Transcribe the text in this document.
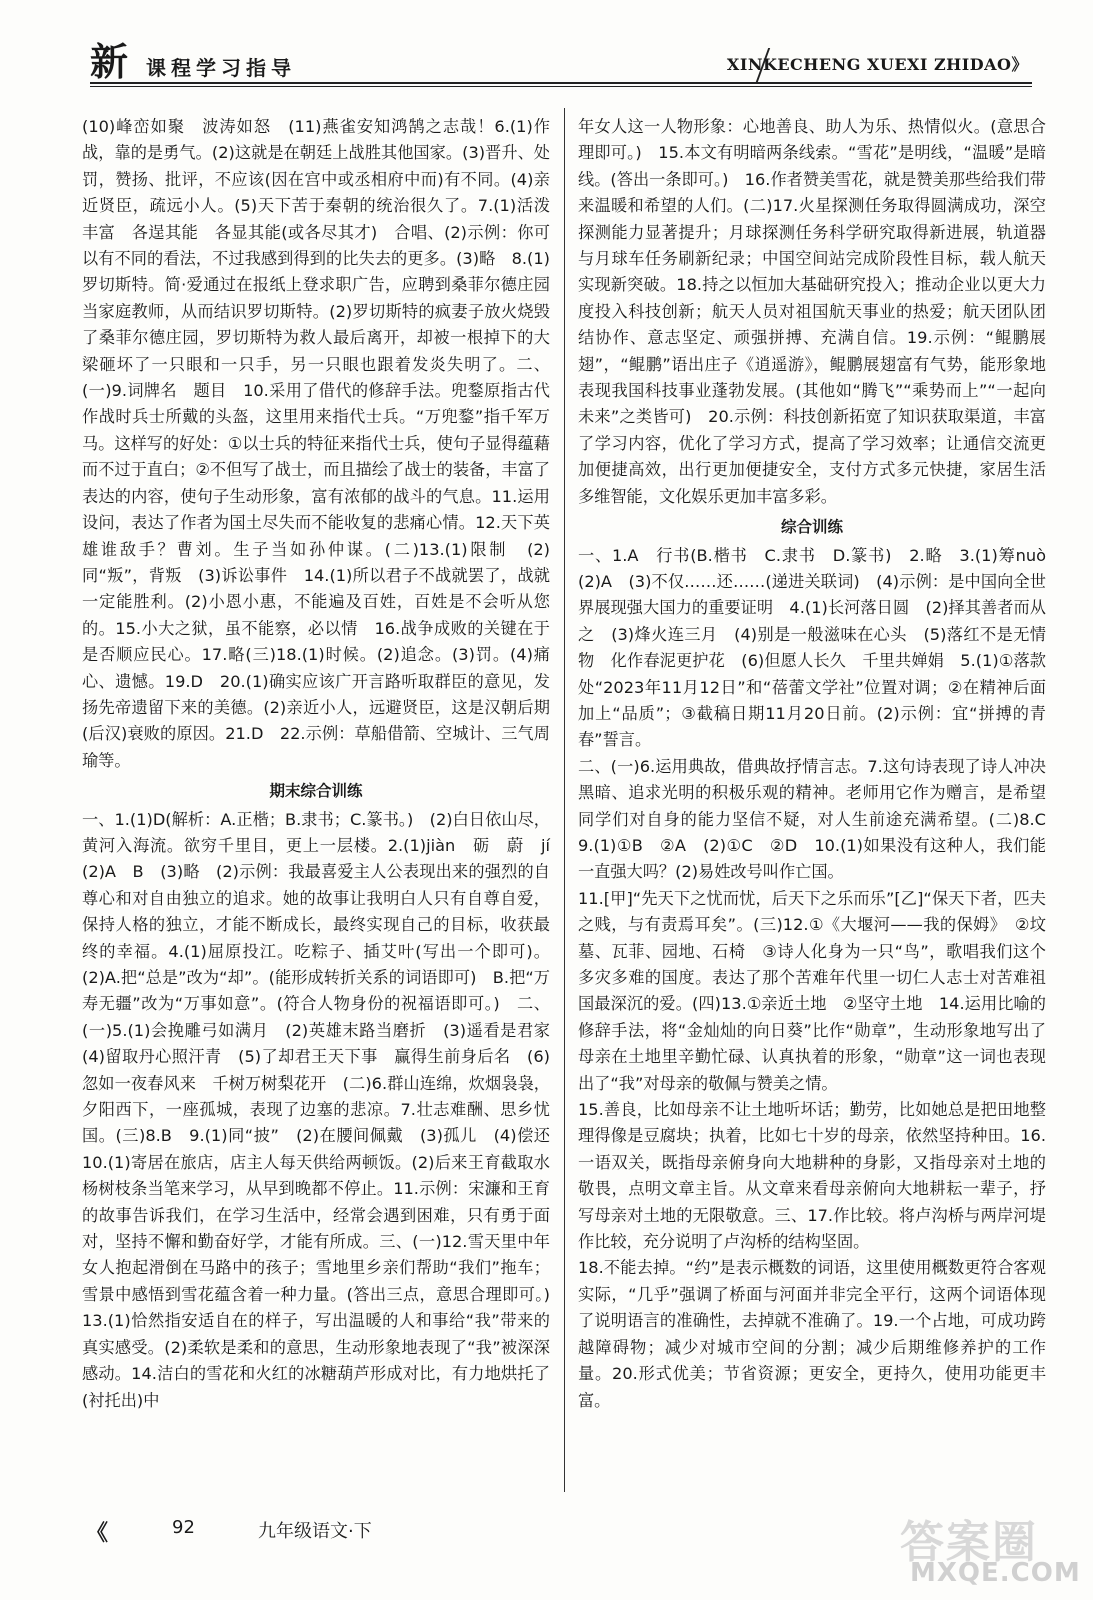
新 课程学习指导	XINKECHENG XUEXI ZHIDAO》

(10)峰峦如聚　波涛如怒　(11)燕雀安知鸿鹄之志哉！6.(1)作战，靠的是勇气。(2)这就是在朝廷上战胜其他国家。(3)晋升、处罚，赞扬、批评，不应该(因在宫中或丞相府中而)有不同。(4)亲近贤臣，疏远小人。(5)天下苦于秦朝的统治很久了。7.(1)活泼　丰富　各逞其能　各显其能(或各尽其才)　合唱、(2)示例：你可以有不同的看法，不过我感到得到的比失去的更多。(3)略　8.(1)罗切斯特。简·爱通过在报纸上登求职广告，应聘到桑菲尔德庄园当家庭教师，从而结识罗切斯特。(2)罗切斯特的疯妻子放火烧毁了桑菲尔德庄园，罗切斯特为救人最后离开，却被一根掉下的大梁砸坏了一只眼和一只手，另一只眼也跟着发炎失明了。二、(一)9.词牌名　题目　10.采用了借代的修辞手法。兜鍪原指古代作战时兵士所戴的头盔，这里用来指代士兵。“万兜鍪”指千军万马。这样写的好处：①以士兵的特征来指代士兵，使句子显得蕴藉而不过于直白；②不但写了战士，而且描绘了战士的装备，丰富了表达的内容，使句子生动形象，富有浓郁的战斗的气息。11.运用设问，表达了作者为国土尽失而不能收复的悲痛心情。12.天下英雄谁敌手？曹刘。生子当如孙仲谋。(二)13.(1)限制　(2)同“叛”，背叛　(3)诉讼事件　14.(1)所以君子不战就罢了，战就一定能胜利。(2)小恩小惠，不能遍及百姓，百姓是不会听从您的。15.小大之狱，虽不能察，必以情　16.战争成败的关键在于是否顺应民心。17.略(三)18.(1)时候。(2)追念。(3)罚。(4)痛心、遗憾。19.D　20.(1)确实应该广开言路听取群臣的意见，发扬先帝遗留下来的美德。(2)亲近小人，远避贤臣，这是汉朝后期(后汉)衰败的原因。21.D　22.示例：草船借箭、空城计、三气周瑜等。

期末综合训练

一、1.(1)D(解析：A.正楷；B.隶书；C.篆书。)　(2)白日依山尽，黄河入海流。欲穷千里目，更上一层楼。2.(1)jiàn　砺　蔚　jí　(2)A　B　(3)略　(2)示例：我最喜爱主人公表现出来的强烈的自尊心和对自由独立的追求。她的故事让我明白人只有自尊自爱，保持人格的独立，才能不断成长，最终实现自己的目标，收获最终的幸福。4.(1)屈原投江。吃粽子、插艾叶(写出一个即可)。(2)A.把“总是”改为“却”。(能形成转折关系的词语即可)　B.把“万寿无疆”改为“万事如意”。(符合人物身份的祝福语即可。)　二、(一)5.(1)会挽雕弓如满月　(2)英雄末路当磨折　(3)遥看是君家　(4)留取丹心照汗青　(5)了却君王天下事　赢得生前身后名　(6)忽如一夜春风来　千树万树梨花开　(二)6.群山连绵，炊烟袅袅，夕阳西下，一座孤城，表现了边塞的悲凉。7.壮志难酬、思乡忧国。(三)8.B　9.(1)同“披”　(2)在腰间佩戴　(3)孤儿　(4)偿还　10.(1)寄居在旅店，店主人每天供给两顿饭。(2)后来王育截取水杨树枝条当笔来学习，从早到晚都不停止。11.示例：宋濂和王育的故事告诉我们，在学习生活中，经常会遇到困难，只有勇于面对，坚持不懈和勤奋好学，才能有所成。三、(一)12.雪天里中年女人抱起滑倒在马路中的孩子；雪地里乡亲们帮助“我们”拖车；雪景中感悟到雪花蕴含着一种力量。(答出三点，意思合理即可。)　13.(1)恰然指安适自在的样子，写出温暖的人和事给“我”带来的真实感受。(2)柔软是柔和的意思，生动形象地表现了“我”被深深感动。14.洁白的雪花和火红的冰糖葫芦形成对比，有力地烘托了(衬托出)中

年女人这一人物形象：心地善良、助人为乐、热情似火。(意思合理即可。)　15.本文有明暗两条线索。“雪花”是明线，“温暖”是暗线。(答出一条即可。)　16.作者赞美雪花，就是赞美那些给我们带来温暖和希望的人们。(二)17.火星探测任务取得圆满成功，深空探测能力显著提升；月球探测任务科学研究取得新进展，轨道器与月球车任务刷新纪录；中国空间站完成阶段性目标，载人航天实现新突破。18.持之以恒加大基础研究投入；推动企业以更大力度投入科技创新；航天人员对祖国航天事业的热爱；航天团队团结协作、意志坚定、顽强拼搏、充满自信。19.示例：“鲲鹏展翅”，“鲲鹏”语出庄子《逍遥游》，鲲鹏展翅富有气势，能形象地表现我国科技事业蓬勃发展。(其他如“腾飞”“乘势而上”“一起向未来”之类皆可)　20.示例：科技创新拓宽了知识获取渠道，丰富了学习内容，优化了学习方式，提高了学习效率；让通信交流更加便捷高效，出行更加便捷安全，支付方式多元快捷，家居生活多维智能，文化娱乐更加丰富多彩。

综合训练

一、1.A　行书(B.楷书　C.隶书　D.篆书)　2.略　3.(1)筹nuò　(2)A　(3)不仅……还……(递进关联词)　(4)示例：是中国向全世界展现强大国力的重要证明　4.(1)长河落日圆　(2)择其善者而从之　(3)烽火连三月　(4)别是一般滋味在心头　(5)落红不是无情物　化作春泥更护花　(6)但愿人长久　千里共婵娟　5.(1)①落款处“2023年11月12日”和“蓓蕾文学社”位置对调；②在精神后面加上“品质”；③截稿日期11月20日前。(2)示例：宜“拼搏的青春”誓言。

二、(一)6.运用典故，借典故抒情言志。7.这句诗表现了诗人冲决黑暗、追求光明的积极乐观的精神。老师用它作为赠言，是希望同学们对自身的能力坚信不疑，对人生前途充满希望。(二)8.C　9.(1)①B　②A　(2)①C　②D　10.(1)如果没有这种人，我们能一直强大吗？(2)易姓改号叫作亡国。

11.[甲]“先天下之忧而忧，后天下之乐而乐”[乙]“保天下者，匹夫之贱，与有责焉耳矣”。(三)12.①《大堰河——我的保姆》　②坟墓、瓦菲、园地、石椅　③诗人化身为一只“鸟”，歌唱我们这个多灾多难的国度。表达了那个苦难年代里一切仁人志士对苦难祖国最深沉的爱。(四)13.①亲近土地　②坚守土地　14.运用比喻的修辞手法，将“金灿灿的向日葵”比作“勋章”，生动形象地写出了母亲在土地里辛勤忙碌、认真执着的形象，“勋章”这一词也表现出了“我”对母亲的敬佩与赞美之情。

15.善良，比如母亲不让土地听坏话；勤劳，比如她总是把田地整理得像是豆腐块；执着，比如七十岁的母亲，依然坚持种田。16.一语双关，既指母亲俯身向大地耕种的身影，又指母亲对土地的敬畏，点明文章主旨。从文章来看母亲俯向大地耕耘一辈子，抒写母亲对土地的无限敬意。三、17.作比较。将卢沟桥与两岸河堤作比较，充分说明了卢沟桥的结构坚固。

18.不能去掉。“约”是表示概数的词语，这里使用概数更符合客观实际，“几乎”强调了桥面与河面并非完全平行，这两个词语体现了说明语言的准确性，去掉就不准确了。19.一个占地，可成功跨越障碍物；减少对城市空间的分割；减少后期维修养护的工作量。20.形式优美；节省资源；更安全，更持久，使用功能更丰富。

《	92	九年级语文·下	答案圈
MXQE.COM
